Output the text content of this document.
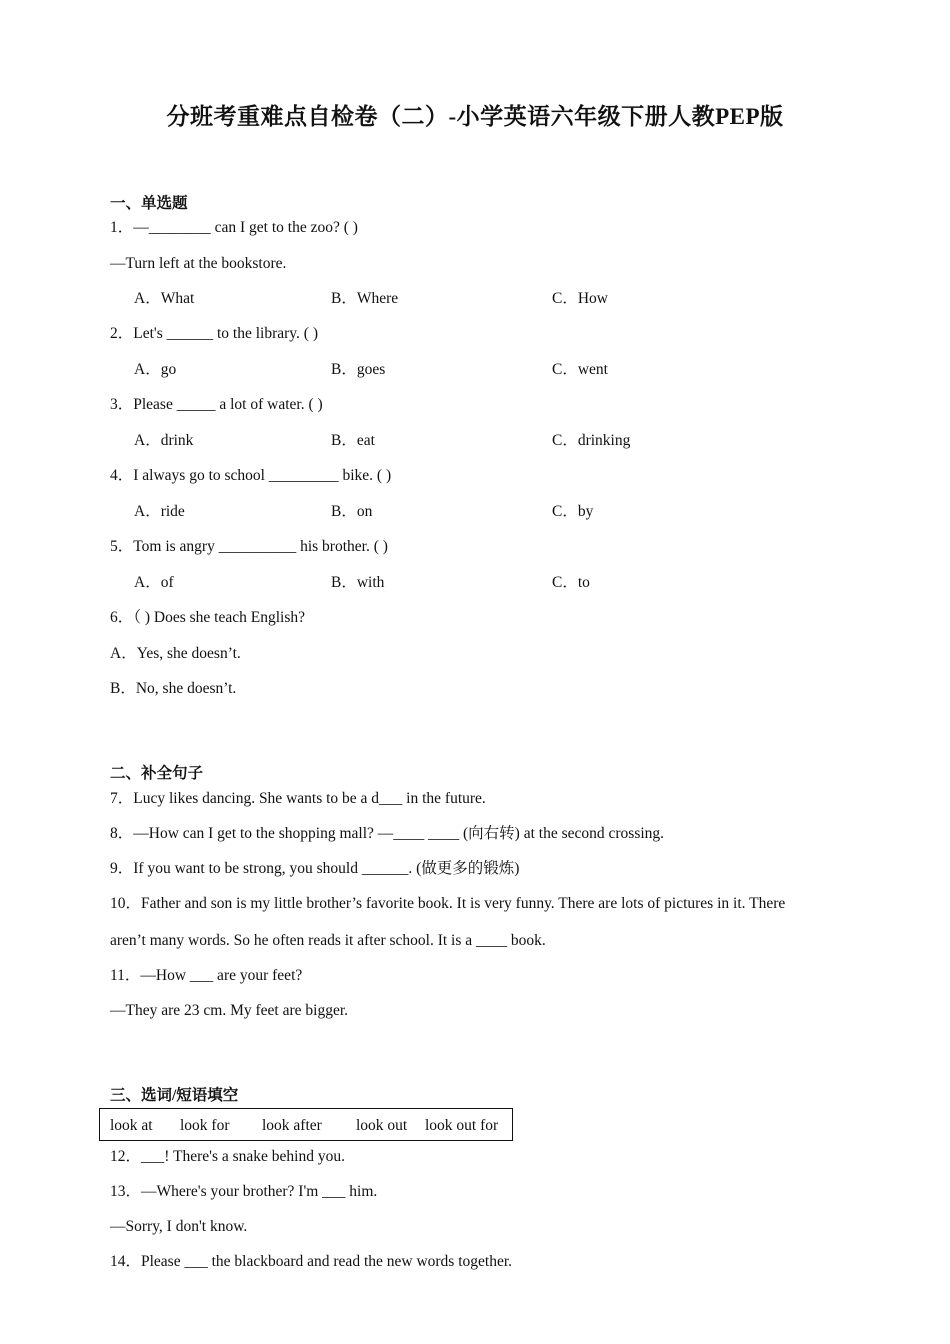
分班考重难点自检卷（二）-小学英语六年级下册人教PEP版
一、单选题
1．—________ can I get to the zoo? ( )
—Turn left at the bookstore.
A．What	B．Where	C．How
2．Let's ______ to the library. ( )
A．go	B．goes	C．went
3．Please _____ a lot of water. ( )
A．drink	B．eat	C．drinking
4．I always go to school _________ bike. ( )
A．ride	B．on	C．by
5．Tom is angry __________ his brother. ( )
A．of	B．with	C．to
6．（ ) Does she teach English?
A．Yes, she doesn’t.
B．No, she doesn’t.
二、补全句子
7．Lucy likes dancing. She wants to be a d___ in the future.
8．—How can I get to the shopping mall? —____ ____ (向右转) at the second crossing.
9．If you want to be strong, you should ______. (做更多的锻炼)
10．Father and son is my little brother’s favorite book. It is very funny. There are lots of pictures in it. There
aren’t many words. So he often reads it after school. It is a ____ book.
11．—How ___ are your feet?
—They are 23 cm. My feet are bigger.
三、选词/短语填空
look at look for look after look out look out for
12．___! There's a snake behind you.
13．—Where's your brother? I'm ___ him.
—Sorry, I don't know.
14．Please ___ the blackboard and read the new words together.
